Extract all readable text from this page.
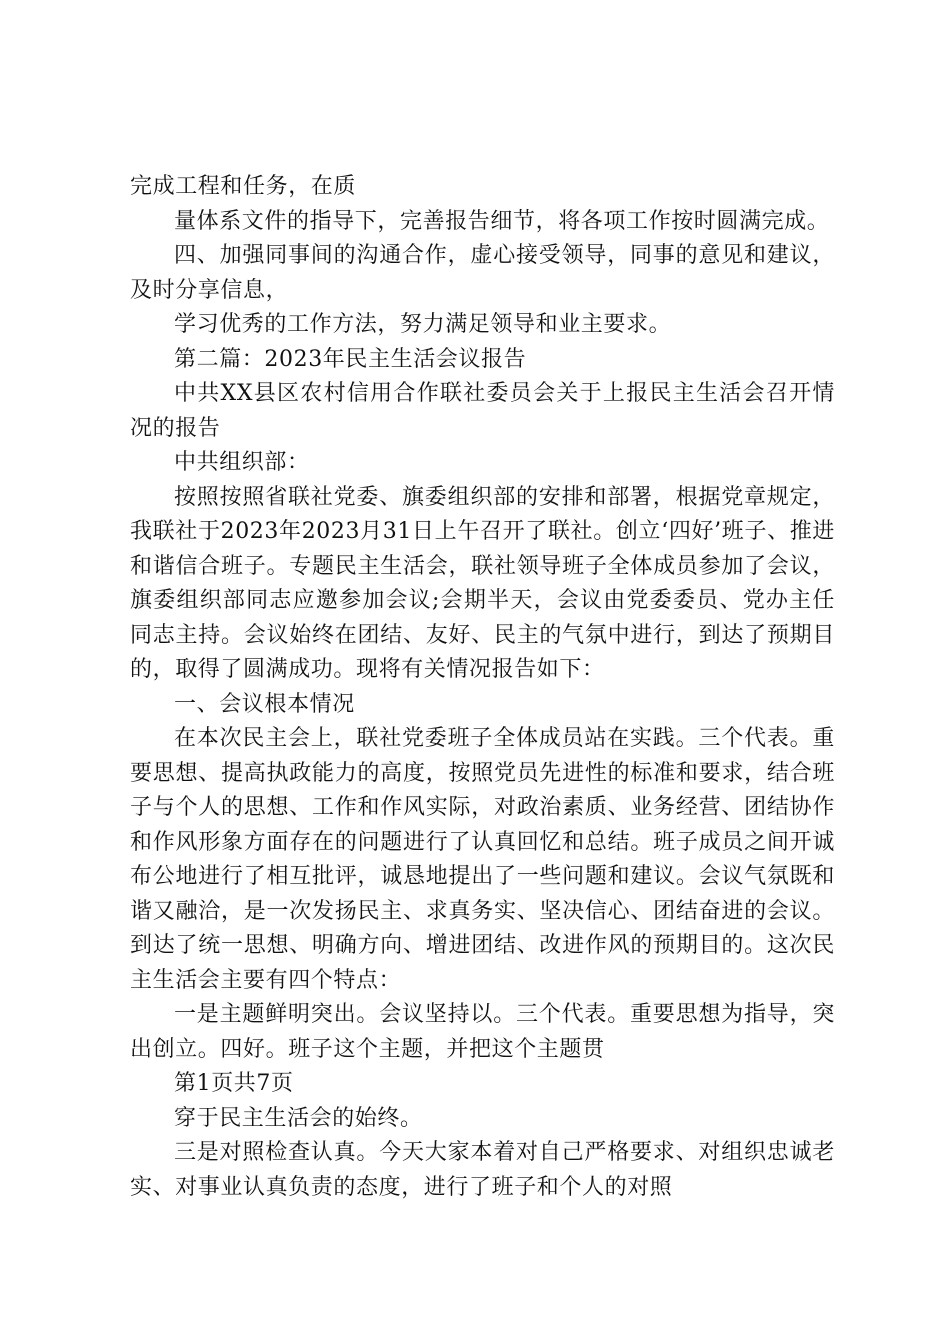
完成工程和任务，在质

量体系文件的指导下，完善报告细节，将各项工作按时圆满完成。

四、加强同事间的沟通合作，虚心接受领导，同事的意见和建议，及时分享信息，

学习优秀的工作方法，努力满足领导和业主要求。

第二篇：2023年民主生活会议报告

中共XX县区农村信用合作联社委员会关于上报民主生活会召开情况的报告

中共组织部：

按照按照省联社党委、旗委组织部的安排和部署，根据党章规定，我联社于2023年2023月31日上午召开了联社。创立‘四好’班子、推进和谐信合班子。专题民主生活会，联社领导班子全体成员参加了会议，旗委组织部同志应邀参加会议;会期半天，会议由党委委员、党办主任同志主持。会议始终在团结、友好、民主的气氛中进行，到达了预期目的，取得了圆满成功。现将有关情况报告如下：

一、会议根本情况

在本次民主会上，联社党委班子全体成员站在实践。三个代表。重要思想、提高执政能力的高度，按照党员先进性的标准和要求，结合班子与个人的思想、工作和作风实际，对政治素质、业务经营、团结协作和作风形象方面存在的问题进行了认真回忆和总结。班子成员之间开诚布公地进行了相互批评，诚恳地提出了一些问题和建议。会议气氛既和谐又融洽，是一次发扬民主、求真务实、坚决信心、团结奋进的会议。到达了统一思想、明确方向、增进团结、改进作风的预期目的。这次民主生活会主要有四个特点：

一是主题鲜明突出。会议坚持以。三个代表。重要思想为指导，突出创立。四好。班子这个主题，并把这个主题贯

第1页共7页

穿于民主生活会的始终。

三是对照检查认真。今天大家本着对自己严格要求、对组织忠诚老实、对事业认真负责的态度，进行了班子和个人的对照
